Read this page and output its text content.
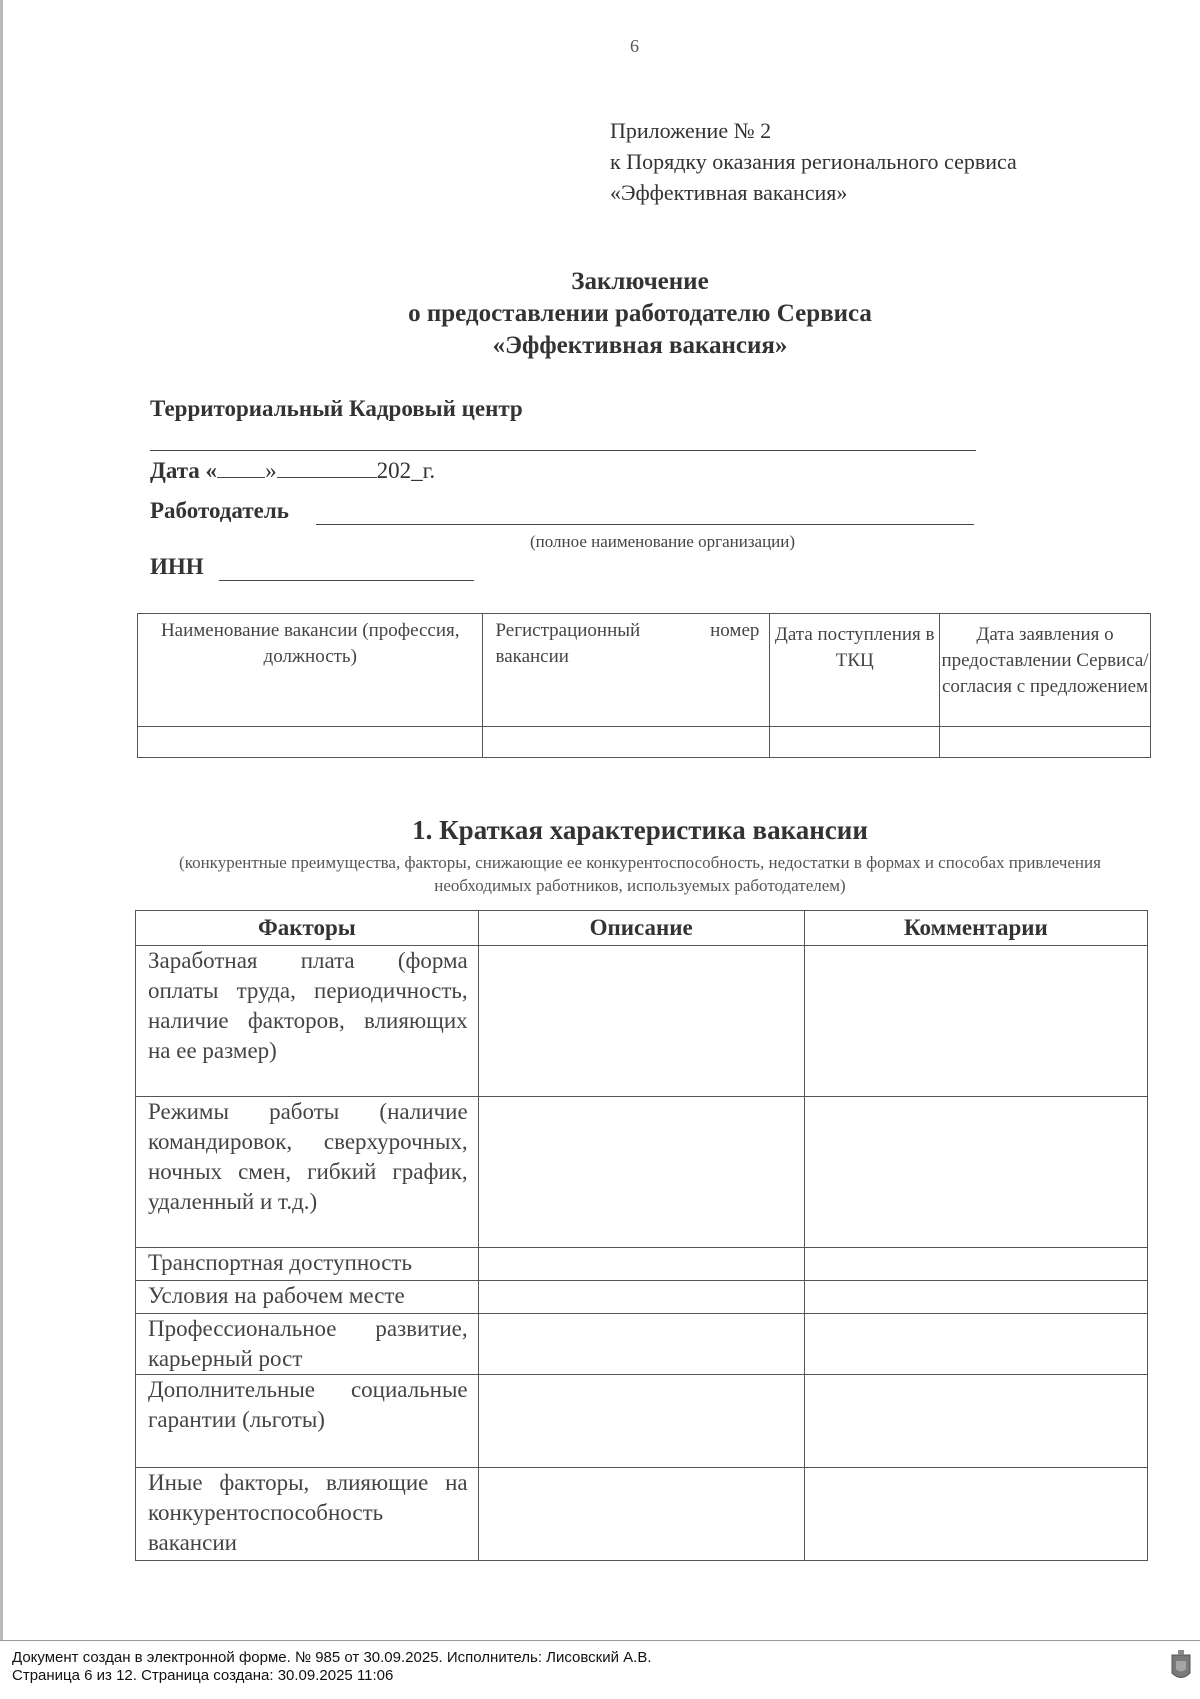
6
Приложение № 2
к Порядку оказания регионального сервиса
«Эффективная вакансия»
Заключение
о предоставлении работодателю Сервиса
«Эффективная вакансия»
Территориальный Кадровый центр
Дата « »	202_г.
Работодатель
(полное наименование организации)
ИНН
Наименование вакансии (профессия, должность)	Регистрационный номер вакансии	Дата поступления в ТКЦ	Дата заявления о предоставлении Сервиса/согласия с предложением

1. Краткая характеристика вакансии
(конкурентные преимущества, факторы, снижающие ее конкурентоспособность, недостатки в формах и способах привлечения необходимых работников, используемых работодателем)
Факторы	Описание	Комментарии
Заработная плата (форма оплаты труда, периодичность, наличие факторов, влияющих на ее размер)		
Режимы работы (наличие командировок, сверхурочных, ночных смен, гибкий график, удаленный и т.д.)		
Транспортная доступность		
Условия на рабочем месте		
Профессиональное развитие, карьерный рост		
Дополнительные социальные гарантии (льготы)		
Иные факторы, влияющие на конкурентоспособность вакансии		
Документ создан в электронной форме. № 985 от 30.09.2025. Исполнитель: Лисовский А.В.
Страница 6 из 12. Страница создана: 30.09.2025 11:06
